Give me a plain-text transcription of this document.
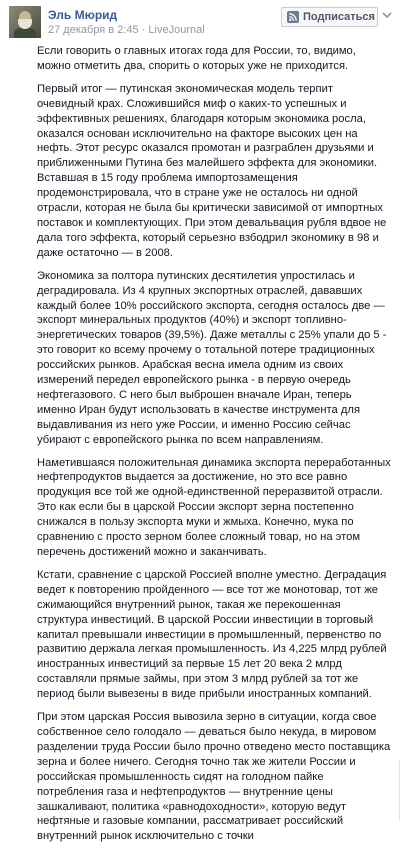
Эль Мюрид
27 декабря в 2:45 · LiveJournal
Подписаться

Если говорить о главных итогах года для России, то, видимо, можно отметить два, спорить о которых уже не приходится.

Первый итог — путинская экономическая модель терпит очевидный крах. Сложившийся миф о каких-то успешных и эффективных решениях, благодаря которым экономика росла, оказался основан исключительно на факторе высоких цен на нефть. Этот ресурс оказался промотан и разграблен друзьями и приближенными Путина без малейшего эффекта для экономики. Вставшая в 15 году проблема импортозамещения продемонстрировала, что в стране уже не осталось ни одной отрасли, которая не была бы критически зависимой от импортных поставок и комплектующих. При этом девальвация рубля вдвое не дала того эффекта, который серьезно взбодрил экономику в 98 и даже остаточно — в 2008.

Экономика за полтора путинских десятилетия упростилась и деградировала. Из 4 крупных экспортных отраслей, дававших каждый более 10% российского экспорта, сегодня осталось две — экспорт минеральных продуктов (40%) и экспорт топливно-энергетических товаров (39,5%). Даже металлы с 25% упали до 5 - это говорит ко всему прочему о тотальной потере традиционных российских рынков. Арабская весна имела одним из своих измерений передел европейского рынка - в первую очередь нефтегазового. С него был выброшен вначале Иран, теперь именно Иран будут использовать в качестве инструмента для выдавливания из него уже России, и именно Россию сейчас убирают с европейского рынка по всем направлениям.

Наметившаяся положительная динамика экспорта переработанных нефтепродуктов выдается за достижение, но это все равно продукция все той же одной-единственной переразвитой отрасли. Это как если бы в царской России экспорт зерна постепенно снижался в пользу экспорта муки и жмыха. Конечно, мука по сравнению с просто зерном более сложный товар, но на этом перечень достижений можно и заканчивать.

Кстати, сравнение с царской Россией вполне уместно. Деградация ведет к повторению пройденного — все тот же монотовар, тот же сжимающийся внутренний рынок, такая же перекошенная структура инвестиций. В царской России инвестиции в торговый капитал превышали инвестиции в промышленный, первенство по развитию держала легкая промышленность. Из 4,225 млрд рублей иностранных инвестиций за первые 15 лет 20 века 2 млрд составляли прямые займы, при этом 3 млрд рублей за тот же период были вывезены в виде прибыли иностранных компаний.

При этом царская Россия вывозила зерно в ситуации, когда свое собственное село голодало — деваться было некуда, в мировом разделении труда России было прочно отведено место поставщика зерна и более ничего. Сегодня точно так же жители России и российская промышленность сидят на голодном пайке потребления газа и нефтепродуктов — внутренние цены зашкаливают, политика «равнодоходности», которую ведут нефтяные и газовые компании, рассматривает российский внутренний рынок исключительно с точки
